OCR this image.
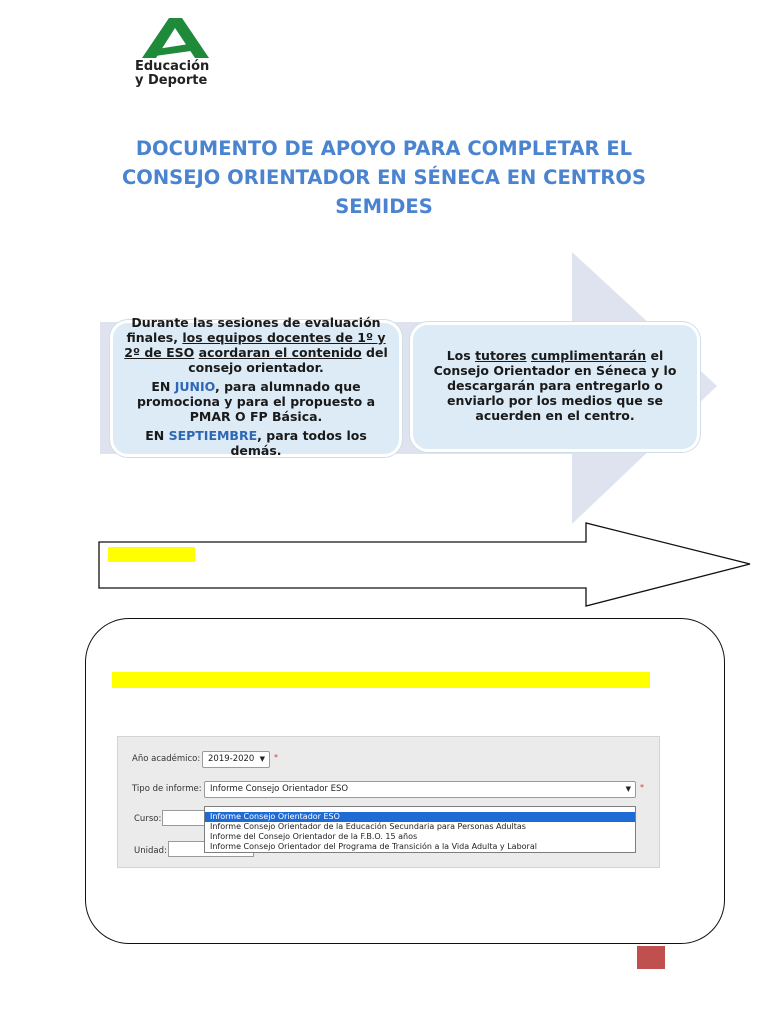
Educación
y Deporte
DOCUMENTO DE APOYO PARA COMPLETAR EL
CONSEJO ORIENTADOR EN SÉNECA EN CENTROS
SEMIDES

Durante las sesiones de evaluación finales, los equipos docentes de 1º y 2º de ESO acordaran el contenido del consejo orientador.

EN JUNIO, para alumnado que promociona y para el propuesto a PMAR O FP Básica.

EN SEPTIEMBRE, para todos los demás.

Los tutores cumplimentarán el Consejo Orientador en Séneca y lo descargarán para entregarlo o enviarlo por los medios que se acuerden en el centro.

Año académico: 2019-2020 ▼ *
Tipo de informe: Informe Consejo Orientador ESO	▼ *
Curso:
Unidad:
Informe Consejo Orientador ESO
Informe Consejo Orientador de la Educación Secundaria para Personas Adultas
Informe del Consejo Orientador de la F.B.O. 15 años
Informe Consejo Orientador del Programa de Transición a la Vida Adulta y Laboral
